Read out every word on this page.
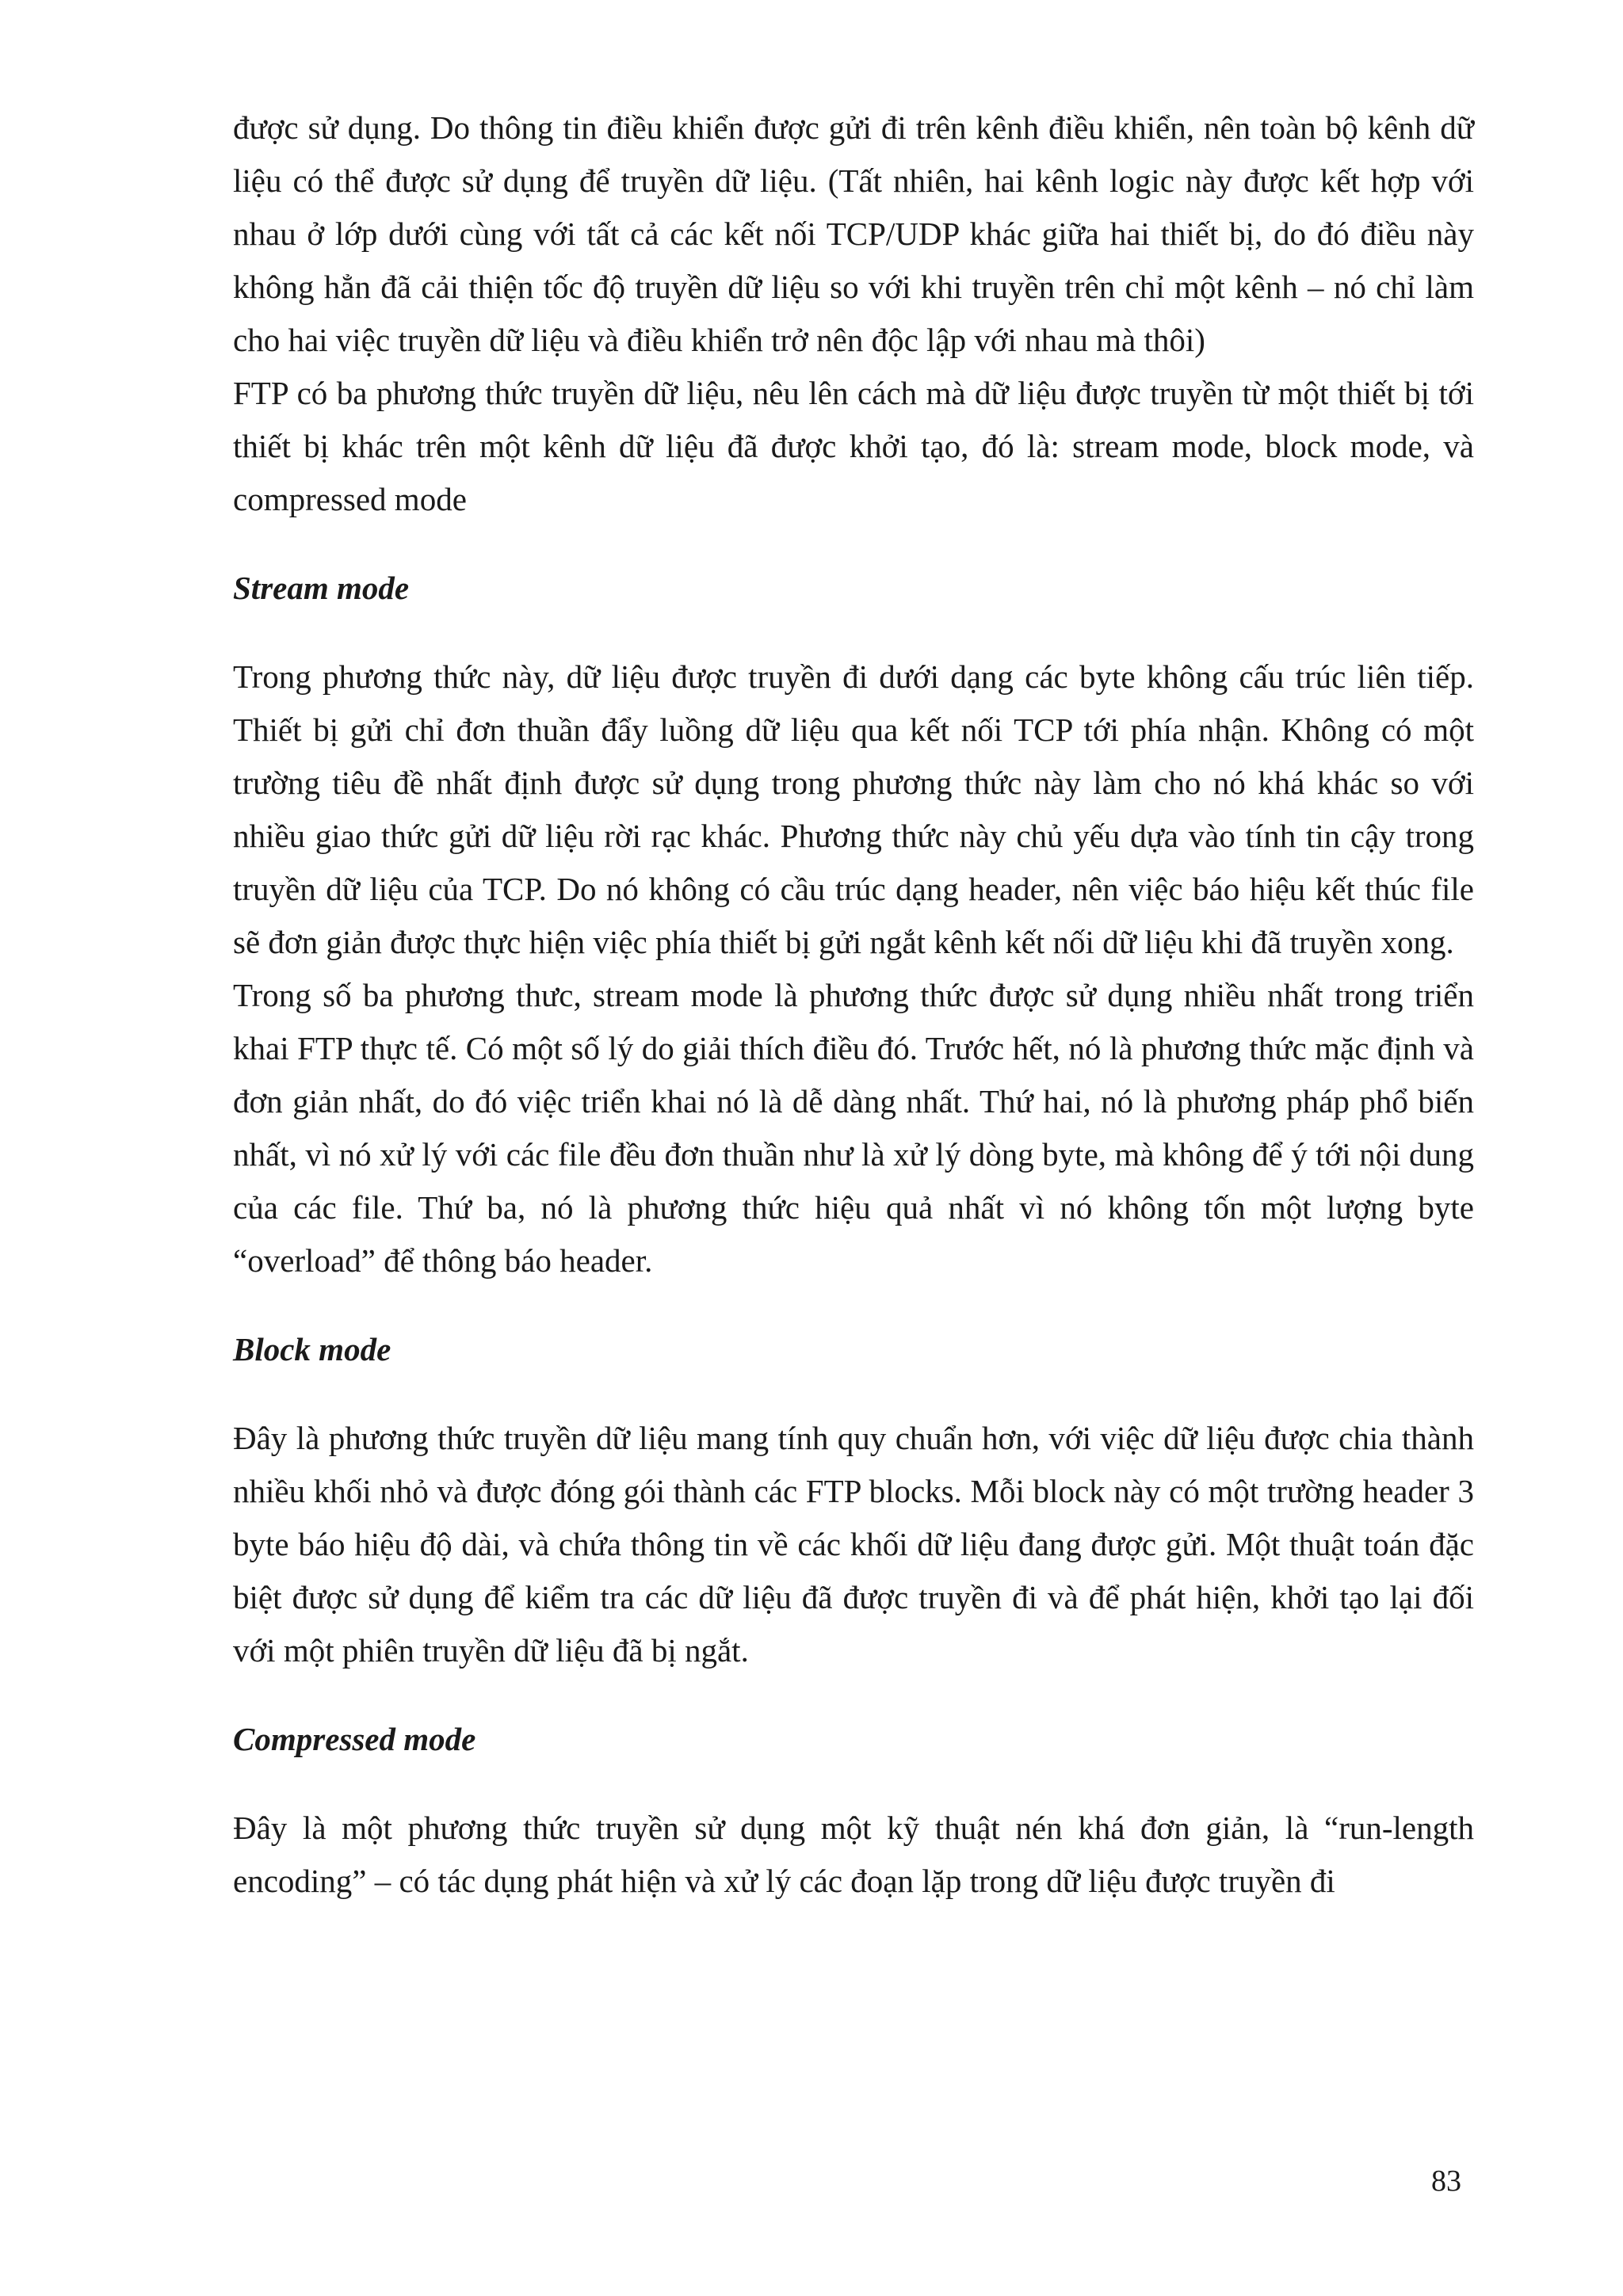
được sử dụng. Do thông tin điều khiển được gửi đi trên kênh điều khiển, nên toàn bộ kênh dữ liệu có thể được sử dụng để truyền dữ liệu. (Tất nhiên, hai kênh logic này được kết hợp với nhau ở lớp dưới cùng với tất cả các kết nối TCP/UDP khác giữa hai thiết bị, do đó điều này không hẳn đã cải thiện tốc độ truyền dữ liệu so với khi truyền trên chỉ một kênh – nó chỉ làm cho hai việc truyền dữ liệu và điều khiển trở nên độc lập với nhau mà thôi)

FTP có ba phương thức truyền dữ liệu, nêu lên cách mà dữ liệu được truyền từ một thiết bị tới thiết bị khác trên một kênh dữ liệu đã được khởi tạo, đó là: stream mode, block mode, và compressed mode

Stream mode

Trong phương thức này, dữ liệu được truyền đi dưới dạng các byte không cấu trúc liên tiếp. Thiết bị gửi chỉ đơn thuần đẩy luồng dữ liệu qua kết nối TCP tới phía nhận. Không có một trường tiêu đề nhất định được sử dụng trong phương thức này làm cho nó khá khác so với nhiều giao thức gửi dữ liệu rời rạc khác. Phương thức này chủ yếu dựa vào tính tin cậy trong truyền dữ liệu của TCP. Do nó không có cầu trúc dạng header, nên việc báo hiệu kết thúc file sẽ đơn giản được thực hiện việc phía thiết bị gửi ngắt kênh kết nối dữ liệu khi đã truyền xong.

Trong số ba phương thưc, stream mode là phương thức được sử dụng nhiều nhất trong triển khai FTP thực tế. Có một số lý do giải thích điều đó. Trước hết, nó là phương thức mặc định và đơn giản nhất, do đó việc triển khai nó là dễ dàng nhất. Thứ hai, nó là phương pháp phổ biến nhất, vì nó xử lý với các file đều đơn thuần như là xử lý dòng byte, mà không để ý tới nội dung của các file. Thứ ba, nó là phương thức hiệu quả nhất vì nó không tốn một lượng byte “overload” để thông báo header.

Block mode

Đây là phương thức truyền dữ liệu mang tính quy chuẩn hơn, với việc dữ liệu được chia thành nhiều khối nhỏ và được đóng gói thành các FTP blocks. Mỗi block này có một trường header 3 byte báo hiệu độ dài, và chứa thông tin về các khối dữ liệu đang được gửi. Một thuật toán đặc biệt được sử dụng để kiểm tra các dữ liệu đã được truyền đi và để phát hiện, khởi tạo lại đối với một phiên truyền dữ liệu đã bị ngắt.

Compressed mode

Đây là một phương thức truyền sử dụng một kỹ thuật nén khá đơn giản, là “run-length encoding” – có tác dụng phát hiện và xử lý các đoạn lặp trong dữ liệu được truyền đi

83
